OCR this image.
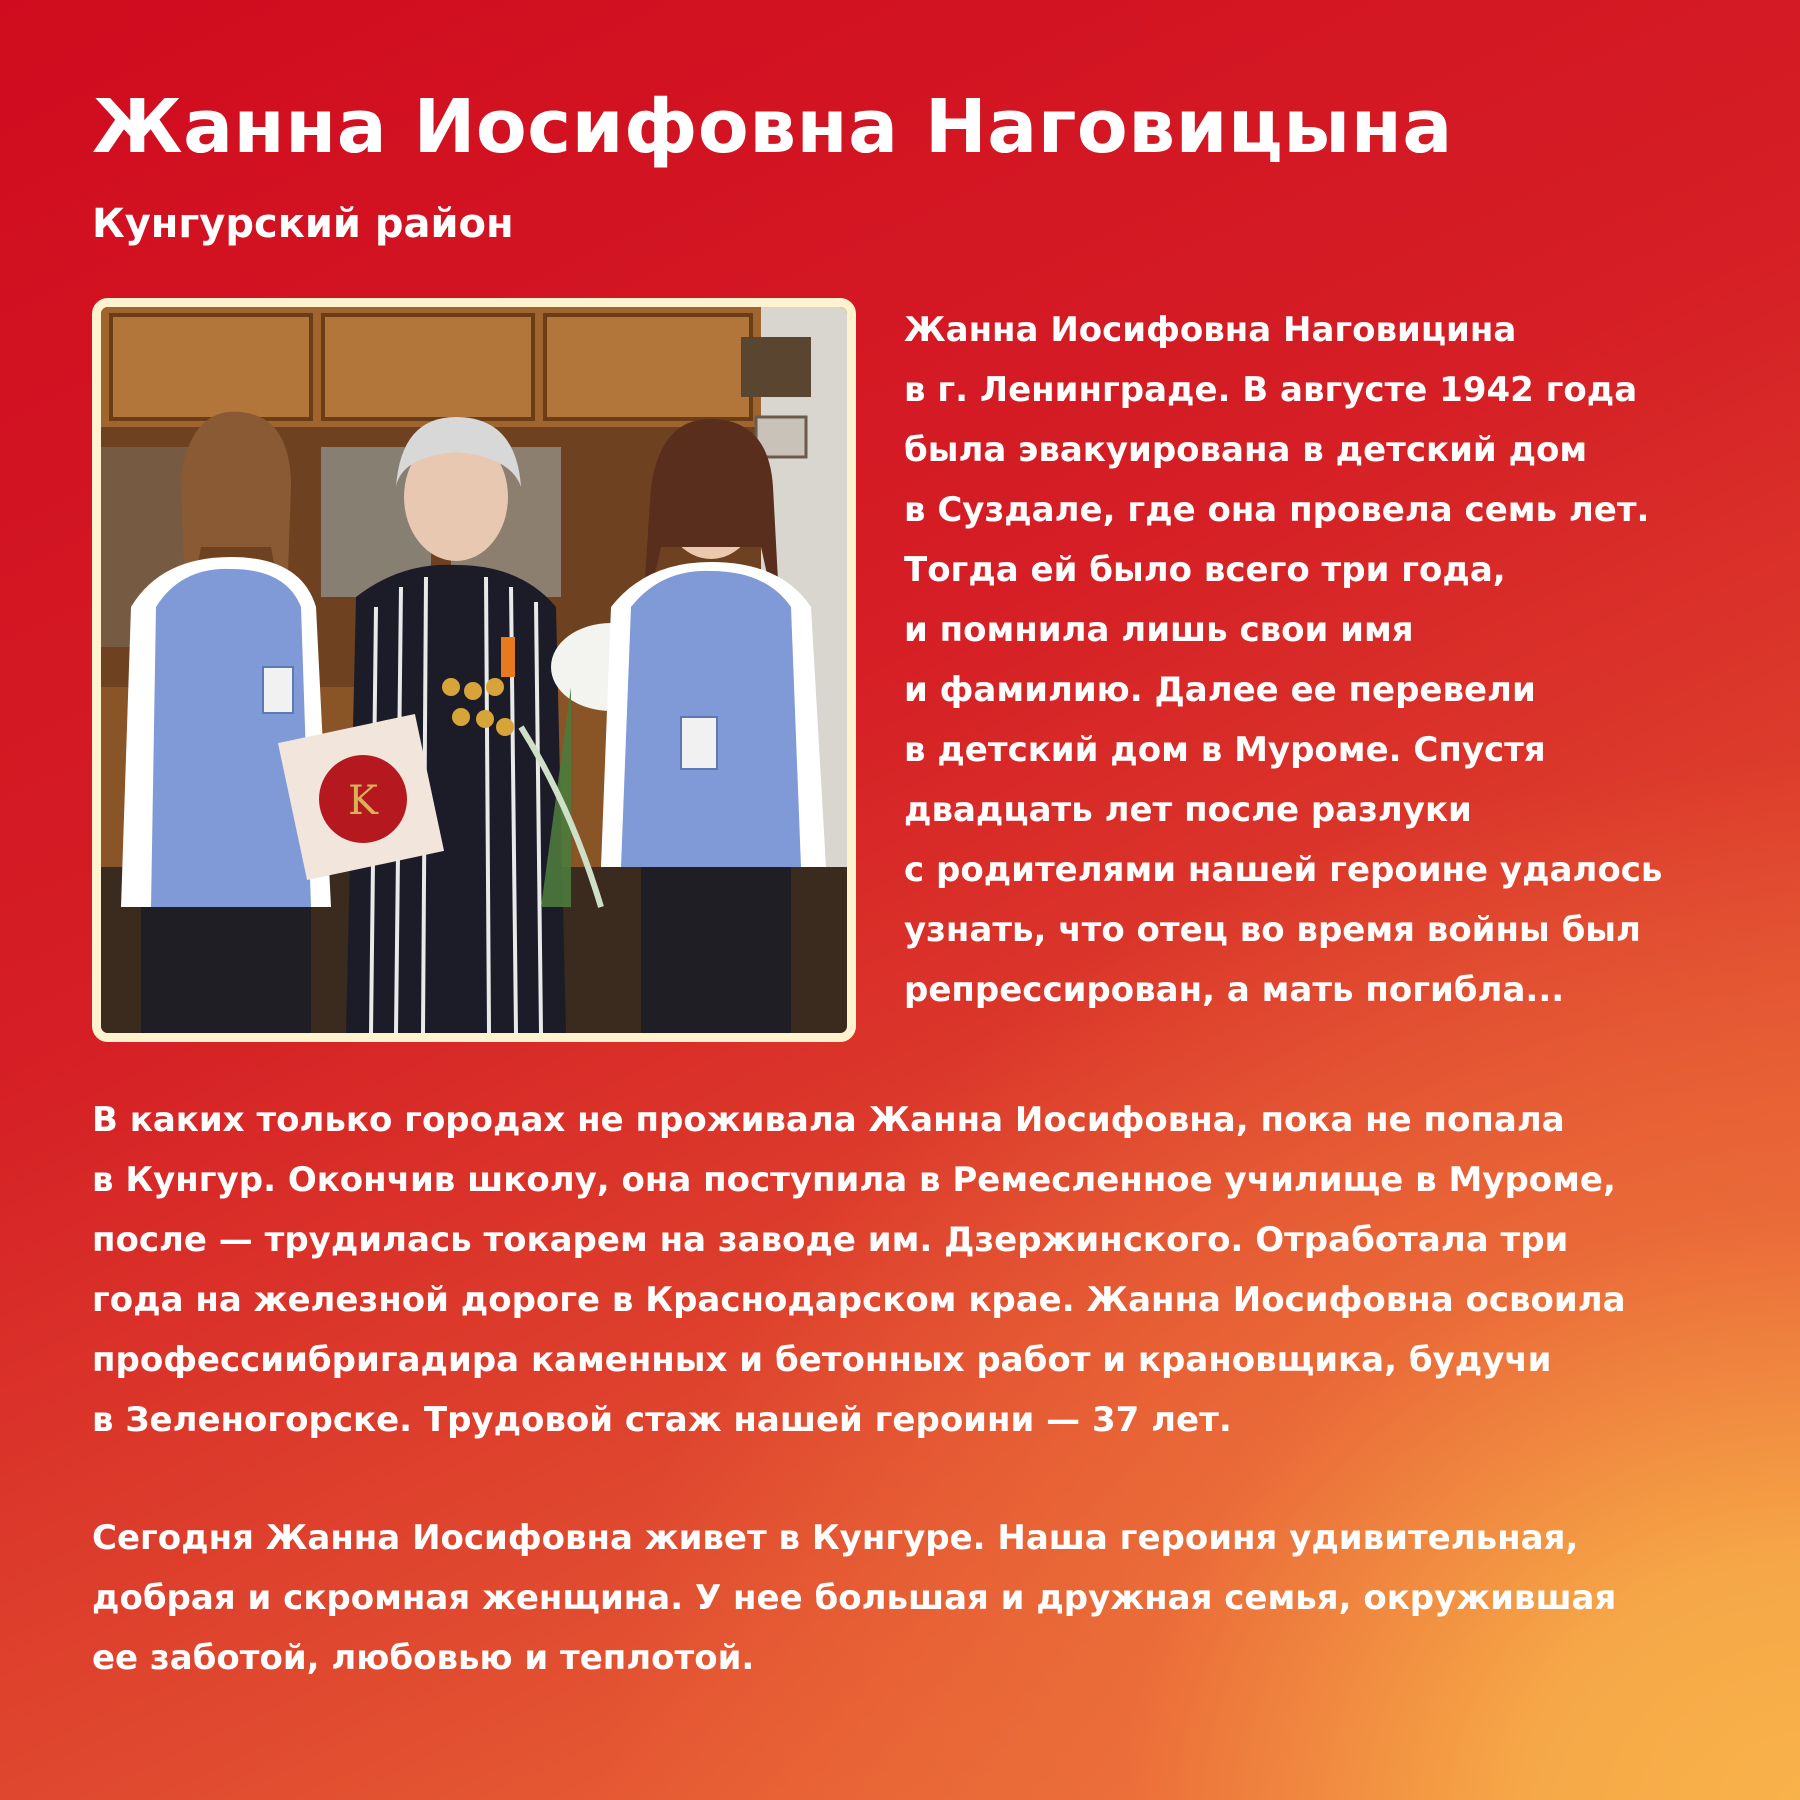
Жанна Иосифовна Наговицына
Кунгурский район
K
Жанна Иосифовна Наговицина
в г. Ленинграде. В августе 1942 года
была эвакуирована в детский дом
в Суздале, где она провела семь лет.
Тогда ей было всего три года,
и помнила лишь свои имя
и фамилию. Далее ее перевели
в детский дом в Муроме. Спустя
двадцать лет после разлуки
с родителями нашей героине удалось
узнать, что отец во время войны был
репрессирован, а мать погибла...
В каких только городах не проживала Жанна Иосифовна, пока не попала
в Кунгур. Окончив школу, она поступила в Ремесленное училище в Муроме,
после — трудилась токарем на заводе им. Дзержинского. Отработала три
года на железной дороге в Краснодарском крае. Жанна Иосифовна освоила
профессиибригадира каменных и бетонных работ и крановщика, будучи
в Зеленогорске. Трудовой стаж нашей героини — 37 лет.
Сегодня Жанна Иосифовна живет в Кунгуре. Наша героиня удивительная,
добрая и скромная женщина. У нее большая и дружная семья, окружившая
ее заботой, любовью и теплотой.
